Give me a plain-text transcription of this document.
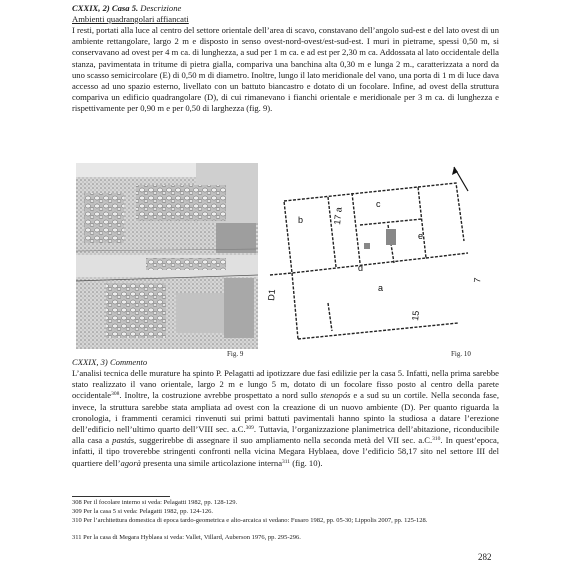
CXXIX, 2) Casa 5. Descrizione
Ambienti quadrangolari affiancati
I resti, portati alla luce al centro del settore orientale dell’area di scavo, constavano dell’angolo sud-est e del lato ovest di un ambiente rettangolare, largo 2 m e disposto in senso ovest-nord-ovest/est-sud-est. I muri in pietrame, spessi 0,50 m, si conservavano ad ovest per 4 m ca. di lunghezza, a sud per 1 m ca. e ad est per 2,30 m ca. Addossata al lato occidentale della stanza, pavimentata in tritume di pietra gialla, compariva una banchina alta 0,30 m e lunga 2 m., caratterizzata a nord da uno scasso semicircolare (E) di 0,50 m di diametro. Inoltre, lungo il lato meridionale del vano, una porta di 1 m di luce dava accesso ad uno spazio esterno, livellato con un battuto biancastro e dotato di un focolare. Infine, ad ovest della struttura compariva un edificio quadrangolare (D), di cui rimanevano i fianchi orientale e meridionale per 3 m ca. di lunghezza e rispettivamente per 0,90 m e per 0,50 di larghezza (fig. 9).
Fig. 9
b
c
17 a
e
d
D1
a
15
7
Fig. 10
CXXIX, 3) Commento
L’analisi tecnica delle murature ha spinto P. Pelagatti ad ipotizzare due fasi edilizie per la casa 5. Infatti, nella prima sarebbe stato realizzato il vano orientale, largo 2 m e lungo 5 m, dotato di un focolare fisso posto al centro della parete occidentale$^{308}$. Inoltre, la costruzione avrebbe prospettato a nord sullo stenopós e a sud su un cortile. Nella seconda fase, invece, la struttura sarebbe stata ampliata ad ovest con la creazione di un nuovo ambiente (D). Per quanto riguarda la cronologia, i frammenti ceramici rinvenuti sui primi battuti pavimentali hanno spinto la studiosa a datare l’erezione dell’edificio nell’ultimo quarto dell’VIII sec. a.C.$^{309}$. Tuttavia, l’organizzazione planimetrica dell’abitazione, riconducibile alla casa a pastás, suggerirebbe di assegnare il suo ampliamento nella seconda metà del VII sec. a.C.$^{310}$. In quest’epoca, infatti, il tipo troverebbe stringenti confronti nella vicina Megara Hyblaea, dove l’edificio 58,17 sito nel settore III del quartiere dell’agorà presenta una simile articolazione interna$^{311}$ (fig. 10).
308 Per il focolare interno si veda: Pelagatti 1982, pp. 128-129.
309 Per la casa 5 si veda: Pelagatti 1982, pp. 124-126.
310 Per l’architettura domestica di epoca tardo-geometrica e alto-arcaica si vedano: Fusaro 1982, pp. 05-30; Lippolis 2007, pp. 125-128.
311 Per la casa di Megara Hyblaea si veda: Vallet, Villard, Auberson 1976, pp. 295-296.
282
